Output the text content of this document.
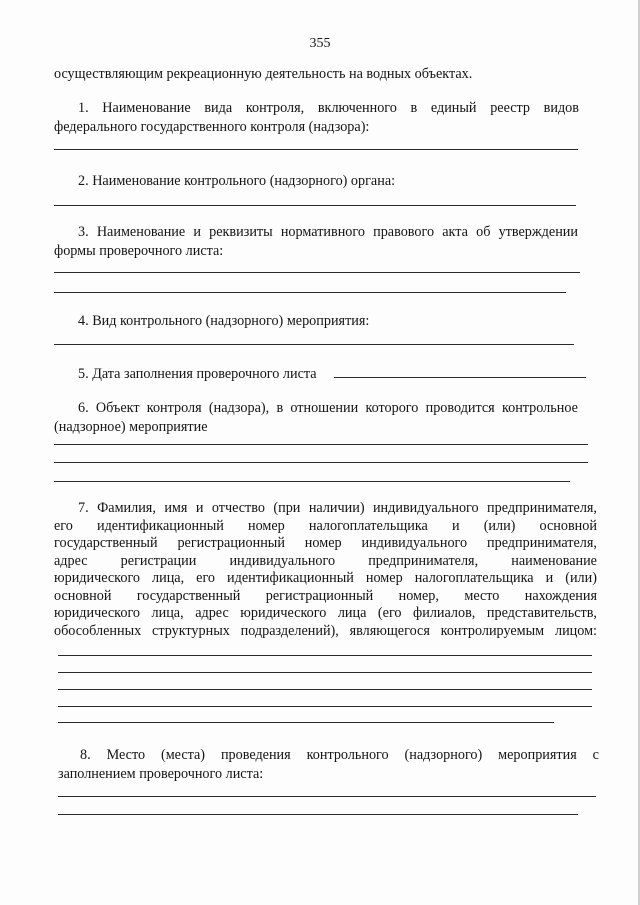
355
осуществляющим рекреационную деятельность на водных объектах.
1. Наименование вида контроля, включенного в единый реестр видов
федерального государственного контроля (надзора):
2. Наименование контрольного (надзорного) органа:
3. Наименование и реквизиты нормативного правового акта об утверждении
формы проверочного листа:
4. Вид контрольного (надзорного) мероприятия:
5. Дата заполнения проверочного листа
6. Объект контроля (надзора), в отношении которого проводится контрольное
(надзорное) мероприятие
7. Фамилия, имя и отчество (при наличии) индивидуального предпринимателя,
его идентификационный номер налогоплательщика и (или) основной
государственный регистрационный номер индивидуального предпринимателя,
адрес регистрации индивидуального предпринимателя, наименование
юридического лица, его идентификационный номер налогоплательщика и (или)
основной государственный регистрационный номер, место нахождения
юридического лица, адрес юридического лица (его филиалов, представительств,
обособленных структурных подразделений), являющегося контролируемым лицом:
8. Место (места) проведения контрольного (надзорного) мероприятия с
заполнением проверочного листа:
